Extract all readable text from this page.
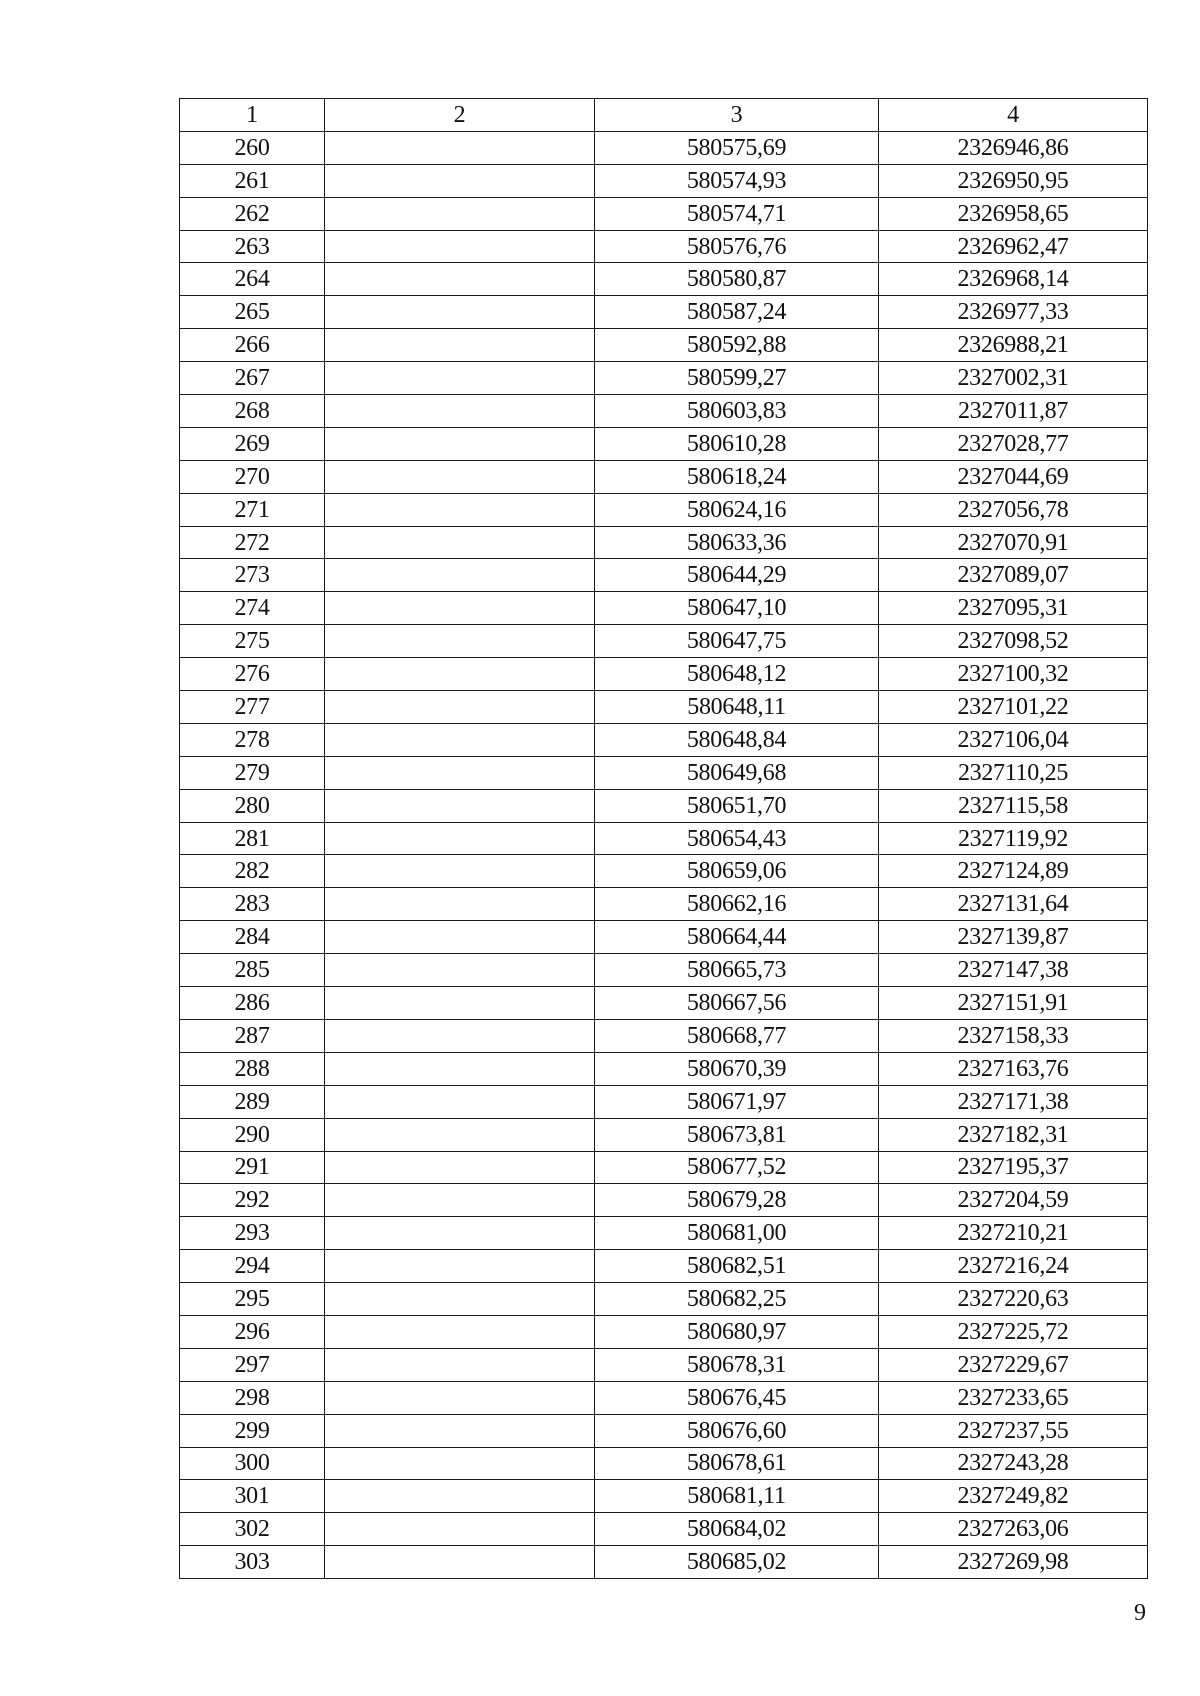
1	2	3	4
260		580575,69	2326946,86
261		580574,93	2326950,95
262		580574,71	2326958,65
263		580576,76	2326962,47
264		580580,87	2326968,14
265		580587,24	2326977,33
266		580592,88	2326988,21
267		580599,27	2327002,31
268		580603,83	2327011,87
269		580610,28	2327028,77
270		580618,24	2327044,69
271		580624,16	2327056,78
272		580633,36	2327070,91
273		580644,29	2327089,07
274		580647,10	2327095,31
275		580647,75	2327098,52
276		580648,12	2327100,32
277		580648,11	2327101,22
278		580648,84	2327106,04
279		580649,68	2327110,25
280		580651,70	2327115,58
281		580654,43	2327119,92
282		580659,06	2327124,89
283		580662,16	2327131,64
284		580664,44	2327139,87
285		580665,73	2327147,38
286		580667,56	2327151,91
287		580668,77	2327158,33
288		580670,39	2327163,76
289		580671,97	2327171,38
290		580673,81	2327182,31
291		580677,52	2327195,37
292		580679,28	2327204,59
293		580681,00	2327210,21
294		580682,51	2327216,24
295		580682,25	2327220,63
296		580680,97	2327225,72
297		580678,31	2327229,67
298		580676,45	2327233,65
299		580676,60	2327237,55
300		580678,61	2327243,28
301		580681,11	2327249,82
302		580684,02	2327263,06
303		580685,02	2327269,98
9
